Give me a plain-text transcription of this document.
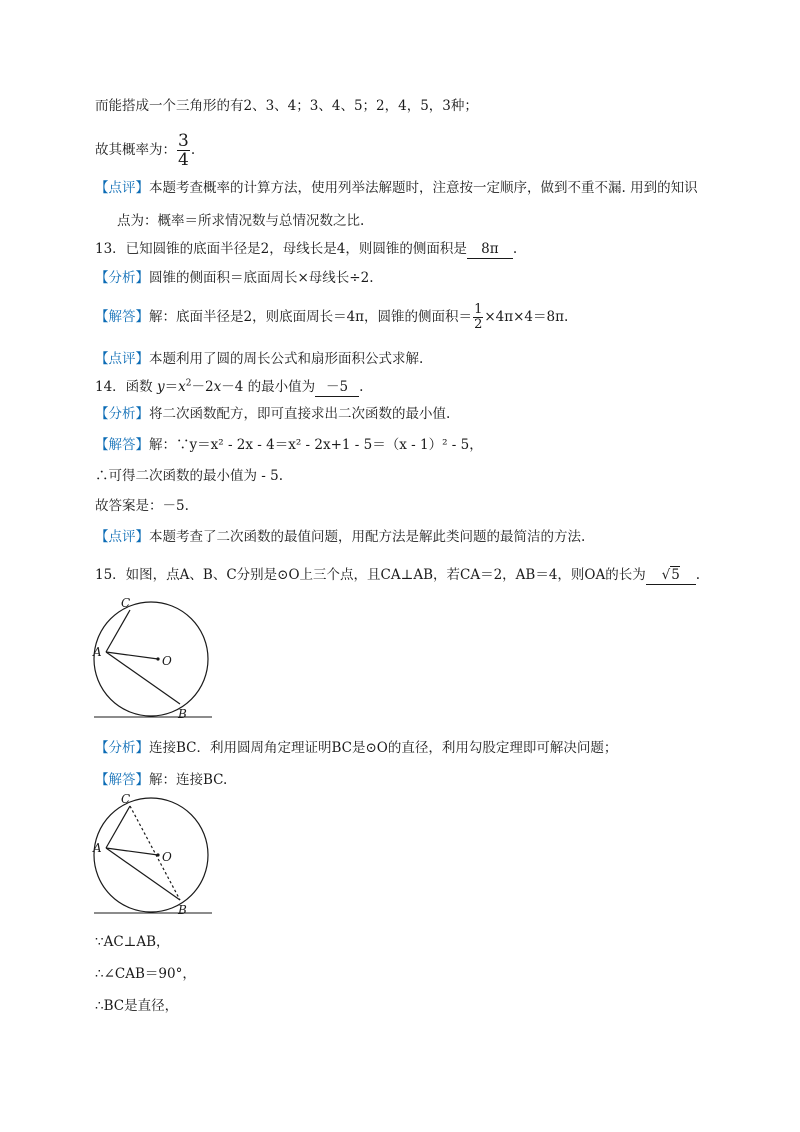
而能搭成一个三角形的有2、3、4；3、4、5；2，4，5，3种；
故其概率为： $\frac{3}{4}$ .
【点评】本题考查概率的计算方法，使用列举法解题时，注意按一定顺序，做到不重不漏. 用到的知识
点为：概率＝所求情况数与总情况数之比.
13．已知圆锥的底面半径是2，母线长是4，则圆锥的侧面积是 8π .
【分析】圆锥的侧面积＝底面周长×母线长÷2.
【解答】解：底面半径是2，则底面周长＝4π，圆锥的侧面积＝ $\frac{1}{2} \times 4\pi\times 4=8\pi$.
【点评】本题利用了圆的周长公式和扇形面积公式求解.
14．函数 $y=x^2-2x-4$ 的最小值为 －5 .
【分析】将二次函数配方，即可直接求出二次函数的最小值.
【解答】解：∵y＝x² - 2x - 4＝x² - 2x+1 - 5＝（x - 1）² - 5，
∴可得二次函数的最小值为 - 5.
故答案是：－5.
【点评】本题考查了二次函数的最值问题，用配方法是解此类问题的最简洁的方法.
15．如图，点A、B、C分别是⊙O上三个点，且CA⊥AB，若CA＝2，AB＝4，则OA的长为 √5 .
C
A
O
B
【分析】连接BC．利用圆周角定理证明BC是⊙O的直径，利用勾股定理即可解决问题；
【解答】解：连接BC.
C
A
O
B
∵AC⊥AB，
∴∠CAB＝90°，
∴BC是直径，
